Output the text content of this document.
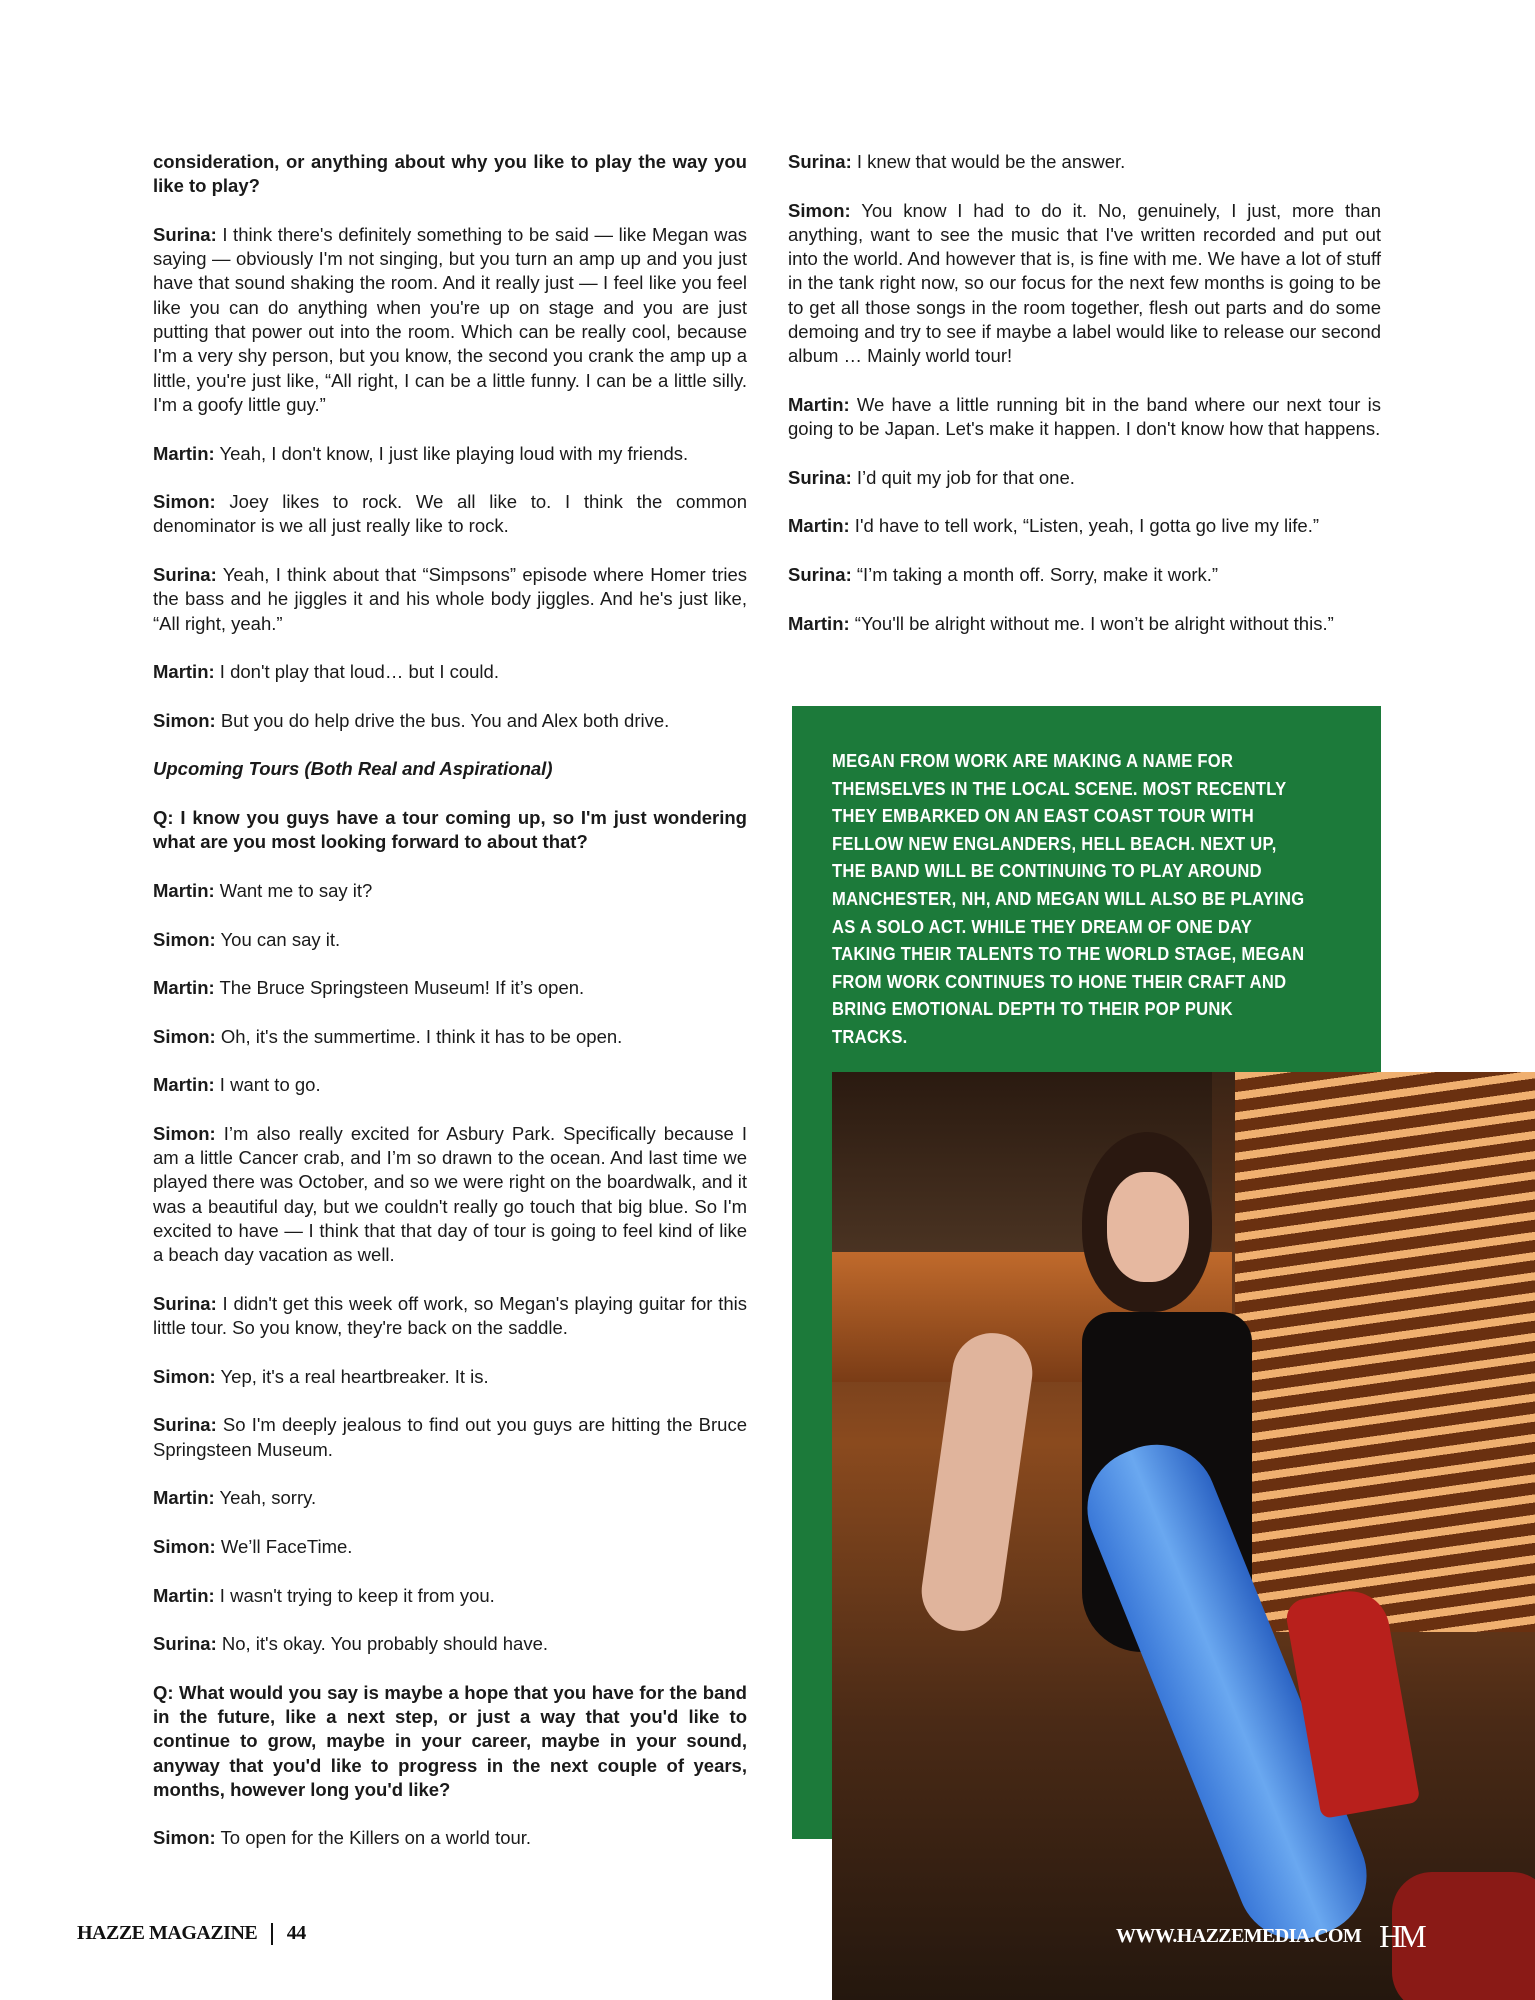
consideration, or anything about why you like to play the way you like to play?

Surina: I think there's definitely something to be said — like Megan was saying — obviously I'm not singing, but you turn an amp up and you just have that sound shaking the room. And it really just — I feel like you feel like you can do anything when you're up on stage and you are just putting that power out into the room. Which can be really cool, because I'm a very shy person, but you know, the second you crank the amp up a little, you're just like, “All right, I can be a little funny. I can be a little silly. I'm a goofy little guy.”

Martin: Yeah, I don't know, I just like playing loud with my friends.

Simon: Joey likes to rock. We all like to. I think the common denominator is we all just really like to rock.

Surina: Yeah, I think about that “Simpsons” episode where Homer tries the bass and he jiggles it and his whole body jiggles. And he's just like, “All right, yeah.”

Martin: I don't play that loud… but I could.

Simon: But you do help drive the bus. You and Alex both drive.

Upcoming Tours (Both Real and Aspirational)

Q: I know you guys have a tour coming up, so I'm just wondering what are you most looking forward to about that?

Martin: Want me to say it?

Simon: You can say it.

Martin: The Bruce Springsteen Museum! If it’s open.

Simon: Oh, it's the summertime. I think it has to be open.

Martin: I want to go.

Simon: I’m also really excited for Asbury Park. Specifically because I am a little Cancer crab, and I’m so drawn to the ocean. And last time we played there was October, and so we were right on the boardwalk, and it was a beautiful day, but we couldn't really go touch that big blue. So I'm excited to have — I think that that day of tour is going to feel kind of like a beach day vacation as well.

Surina: I didn't get this week off work, so Megan's playing guitar for this little tour. So you know, they're back on the saddle.

Simon: Yep, it's a real heartbreaker. It is.

Surina: So I'm deeply jealous to find out you guys are hitting the Bruce Springsteen Museum.

Martin: Yeah, sorry.

Simon: We’ll FaceTime.

Martin: I wasn't trying to keep it from you.

Surina: No, it's okay. You probably should have.

Q: What would you say is maybe a hope that you have for the band in the future, like a next step, or just a way that you'd like to continue to grow, maybe in your career, maybe in your sound, anyway that you'd like to progress in the next couple of years, months, however long you'd like?

Simon: To open for the Killers on a world tour.

Surina: I knew that would be the answer.

Simon: You know I had to do it. No, genuinely, I just, more than anything, want to see the music that I've written recorded and put out into the world. And however that is, is fine with me. We have a lot of stuff in the tank right now, so our focus for the next few months is going to be to get all those songs in the room together, flesh out parts and do some demoing and try to see if maybe a label would like to release our second album … Mainly world tour!

Martin: We have a little running bit in the band where our next tour is going to be Japan. Let's make it happen. I don't know how that happens.

Surina: I’d quit my job for that one.

Martin: I'd have to tell work, “Listen, yeah, I gotta go live my life.”

Surina: “I’m taking a month off. Sorry, make it work.”

Martin: “You'll be alright without me. I won’t be alright without this.”

MEGAN FROM WORK ARE MAKING A NAME FOR THEMSELVES IN THE LOCAL SCENE. MOST RECENTLY THEY EMBARKED ON AN EAST COAST TOUR WITH FELLOW NEW ENGLANDERS, HELL BEACH. NEXT UP, THE BAND WILL BE CONTINUING TO PLAY AROUND MANCHESTER, NH, AND MEGAN WILL ALSO BE PLAYING AS A SOLO ACT. WHILE THEY DREAM OF ONE DAY TAKING THEIR TALENTS TO THE WORLD STAGE, MEGAN FROM WORK CONTINUES TO HONE THEIR CRAFT AND BRING EMOTIONAL DEPTH TO THEIR POP PUNK TRACKS.
HAZZE MAGAZINE 44	WWW.HAZZEMEDIA.COM HM
